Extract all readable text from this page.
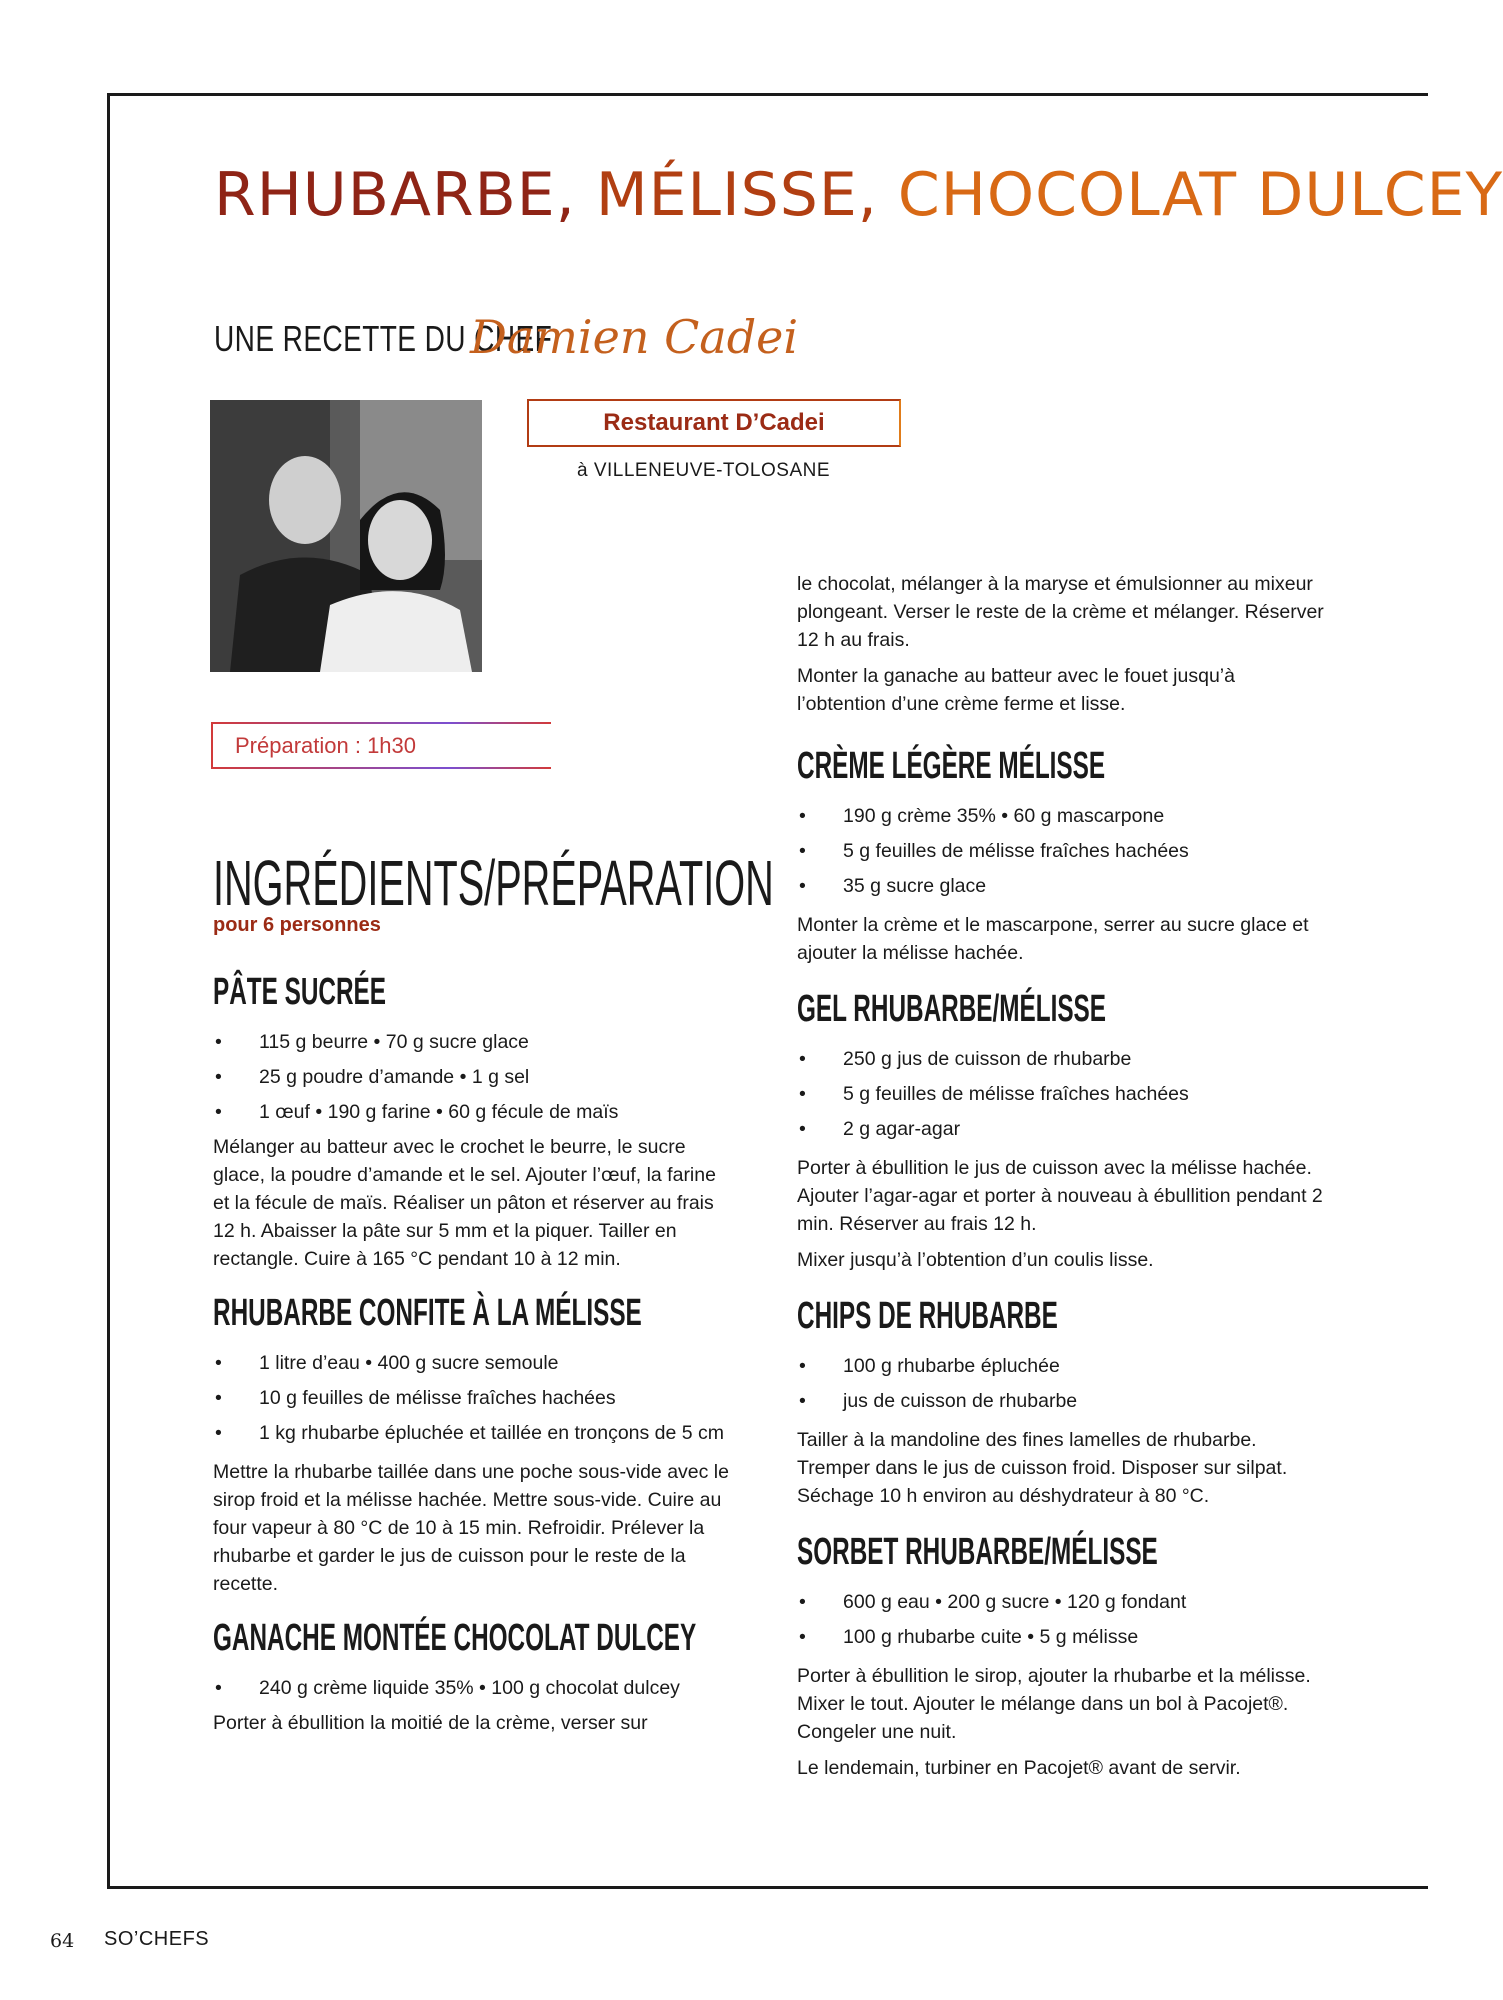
RHUBARBE, MÉLISSE, CHOCOLAT DULCEY
UNE RECETTE DU CHEF
Damien Cadei
Restaurant D’Cadei
à VILLENEUVE-TOLOSANE
Préparation : 1h30
INGRÉDIENTS/PRÉPARATION
pour 6 personnes
PÂTE SUCRÉE
• 115 g beurre • 70 g sucre glace
• 25 g poudre d’amande • 1 g sel
• 1 œuf • 190 g farine • 60 g fécule de maïs

Mélanger au batteur avec le crochet le beurre, le sucre glace, la poudre d’amande et le sel. Ajouter l’œuf, la farine et la fécule de maïs. Réaliser un pâton et réserver au frais 12 h. Abaisser la pâte sur 5 mm et la piquer. Tailler en rectangle. Cuire à 165 °C pendant 10 à 12 min.

RHUBARBE CONFITE À LA MÉLISSE
• 1 litre d’eau • 400 g sucre semoule
• 10 g feuilles de mélisse fraîches hachées
• 1 kg rhubarbe épluchée et taillée en tronçons de 5 cm

Mettre la rhubarbe taillée dans une poche sous-vide avec le sirop froid et la mélisse hachée. Mettre sous-vide. Cuire au four vapeur à 80 °C de 10 à 15 min. Refroidir. Prélever la rhubarbe et garder le jus de cuisson pour le reste de la recette.

GANACHE MONTÉE CHOCOLAT DULCEY
• 240 g crème liquide 35% • 100 g chocolat dulcey

Porter à ébullition la moitié de la crème, verser sur

le chocolat, mélanger à la maryse et émulsionner au mixeur plongeant. Verser le reste de la crème et mélanger. Réserver 12 h au frais.

Monter la ganache au batteur avec le fouet jusqu’à l’obtention d’une crème ferme et lisse.

CRÈME LÉGÈRE MÉLISSE
• 190 g crème 35% • 60 g mascarpone
• 5 g feuilles de mélisse fraîches hachées
• 35 g sucre glace

Monter la crème et le mascarpone, serrer au sucre glace et ajouter la mélisse hachée.

GEL RHUBARBE/MÉLISSE
• 250 g jus de cuisson de rhubarbe
• 5 g feuilles de mélisse fraîches hachées
• 2 g agar-agar

Porter à ébullition le jus de cuisson avec la mélisse hachée. Ajouter l’agar-agar et porter à nouveau à ébullition pendant 2 min. Réserver au frais 12 h.

Mixer jusqu’à l’obtention d’un coulis lisse.

CHIPS DE RHUBARBE
• 100 g rhubarbe épluchée
• jus de cuisson de rhubarbe

Tailler à la mandoline des fines lamelles de rhubarbe. Tremper dans le jus de cuisson froid. Disposer sur silpat. Séchage 10 h environ au déshydrateur à 80 °C.

SORBET RHUBARBE/MÉLISSE
• 600 g eau • 200 g sucre • 120 g fondant
• 100 g rhubarbe cuite • 5 g mélisse

Porter à ébullition le sirop, ajouter la rhubarbe et la mélisse. Mixer le tout. Ajouter le mélange dans un bol à Pacojet®. Congeler une nuit.

Le lendemain, turbiner en Pacojet® avant de servir.

64 SO’CHEFS
